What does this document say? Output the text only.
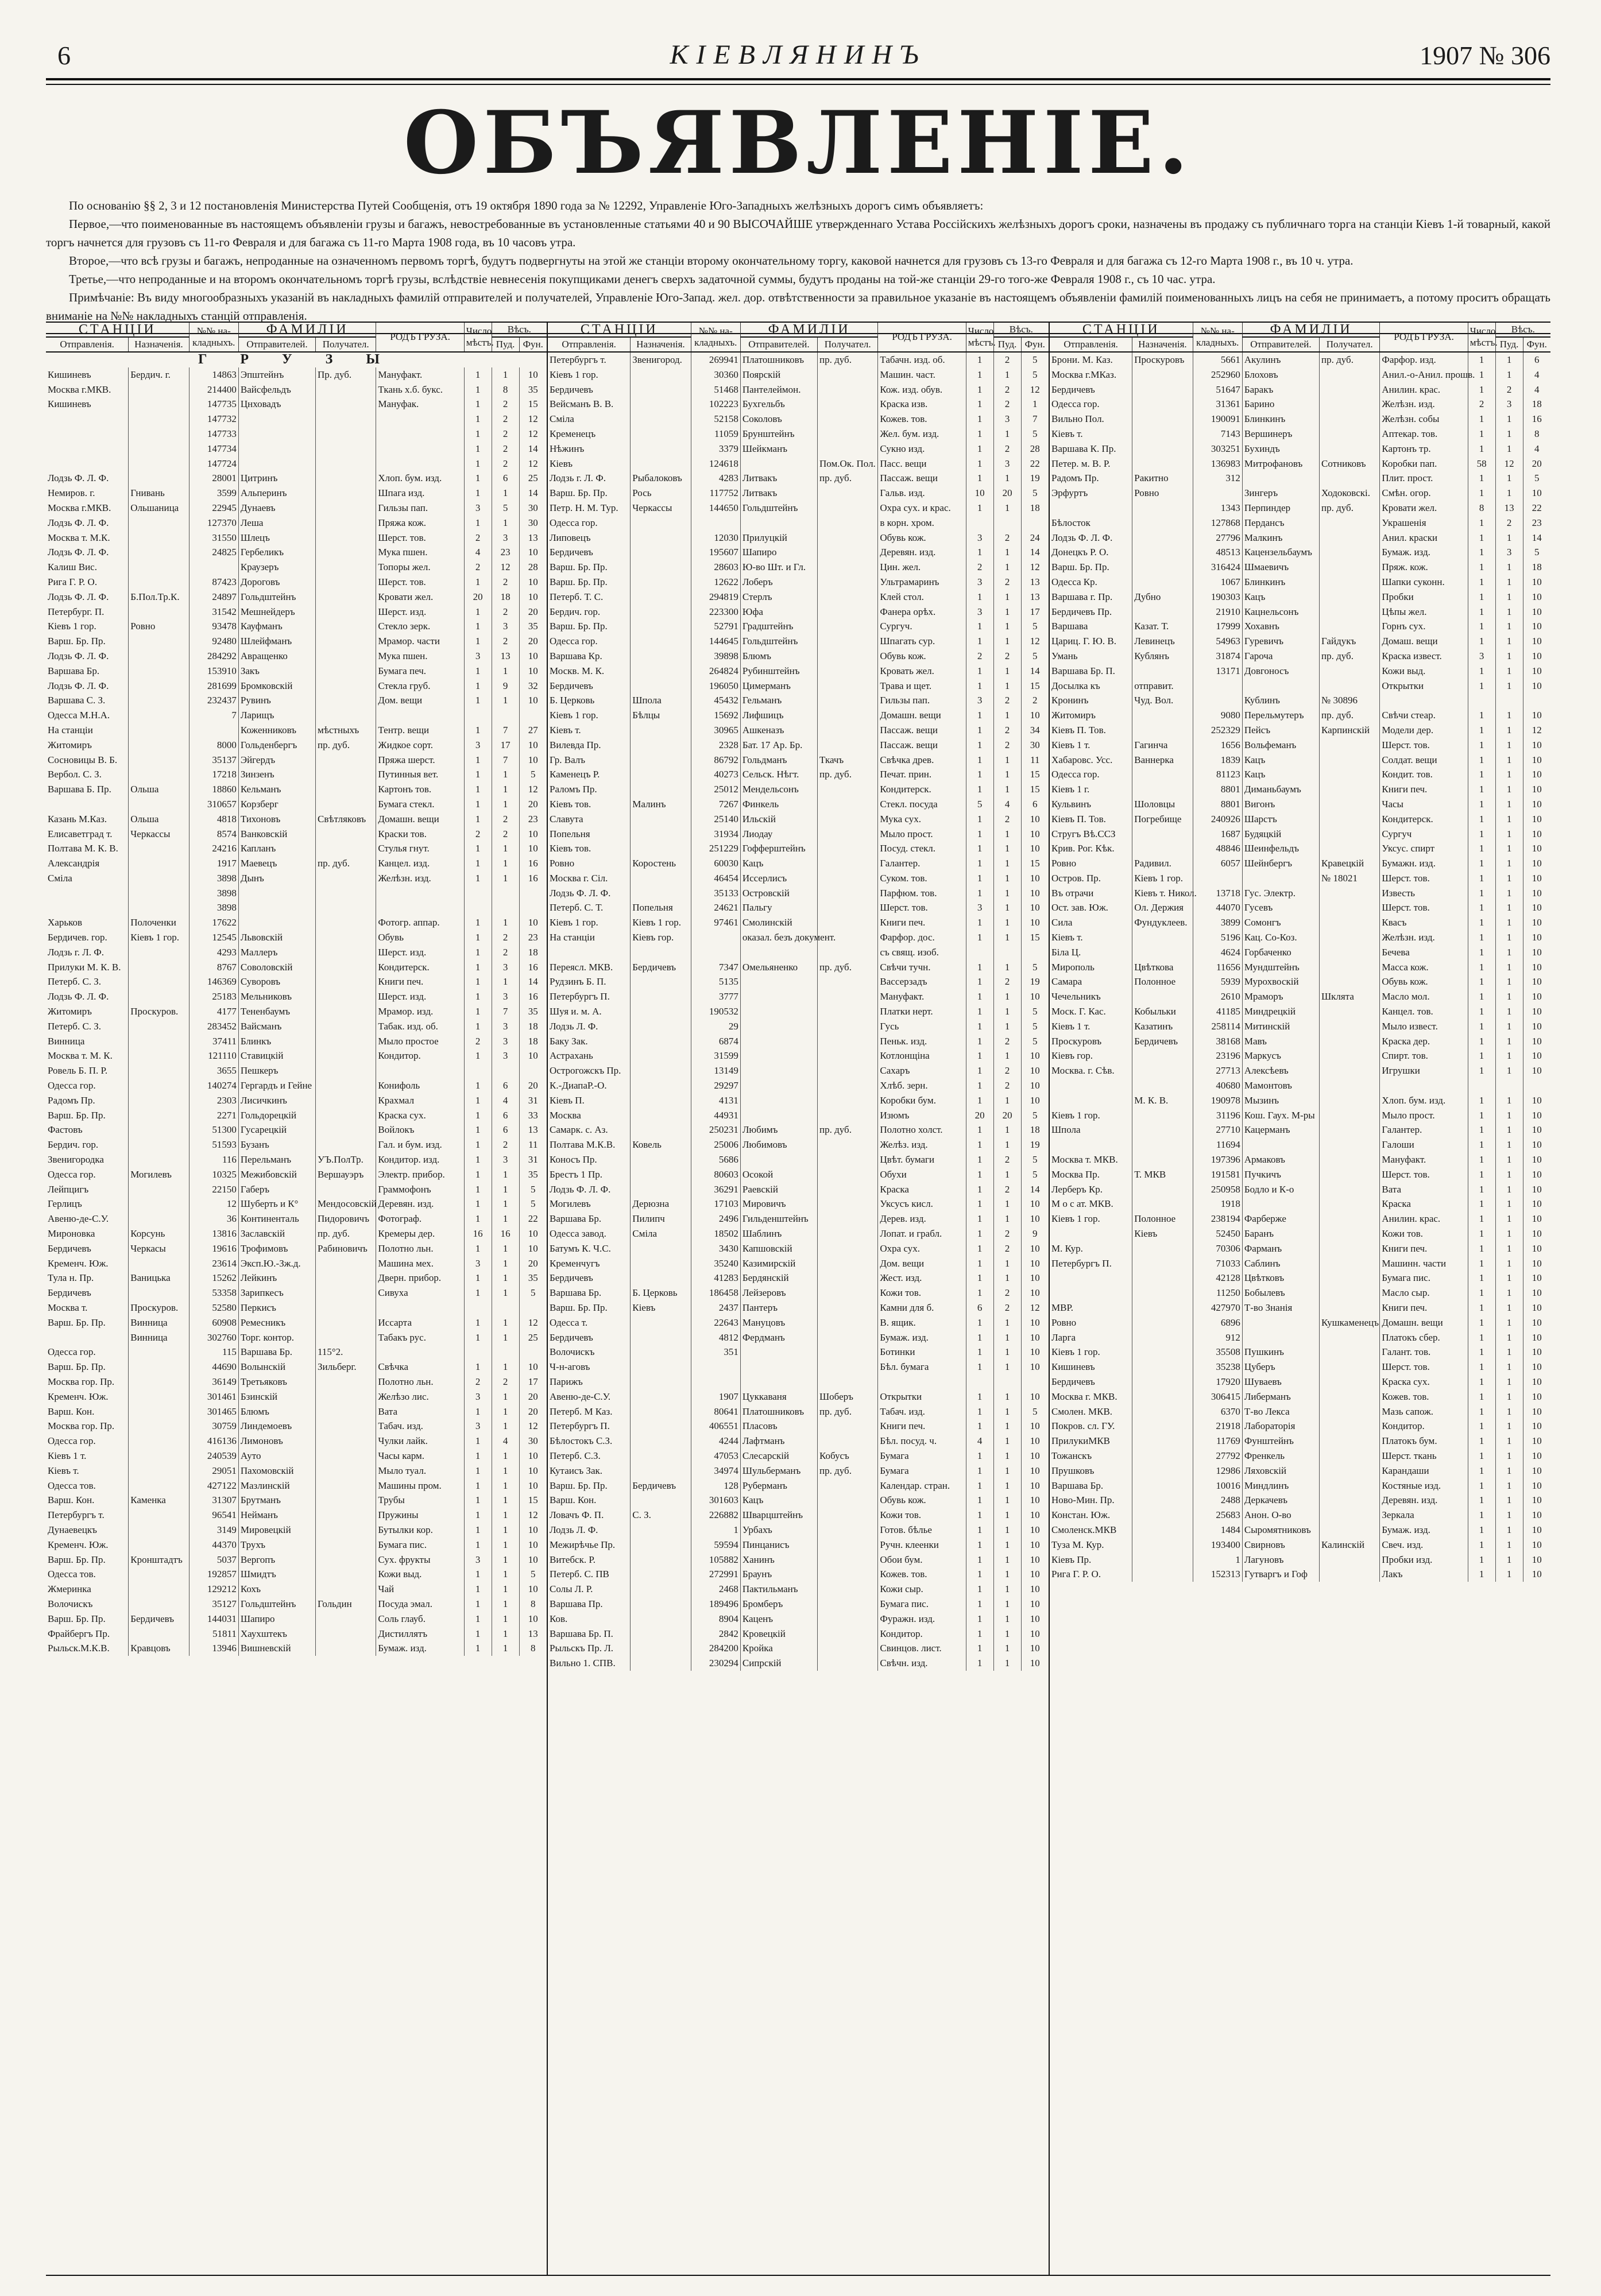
6	КІЕВЛЯНИНЪ	1907 № 306
ОБЪЯВЛЕНІЕ.

По основанію §§ 2, 3 и 12 постановленія Министерства Путей Сообщенія, отъ 19 октября 1890 года за № 12292, Управленіе Юго-Западныхъ желѣзныхъ дорогъ симъ объявляетъ:

Первое,—что поименованные въ настоящемъ объявленіи грузы и багажъ, невостребованные въ установленные статьями 40 и 90 ВЫСОЧАЙШЕ утвержденнаго Устава Россійскихъ желѣзныхъ дорогъ сроки, назначены въ продажу съ публичнаго торга на станціи Кіевъ 1-й товарный, какой торгъ начнется для грузовъ съ 11-го Февраля и для багажа съ 11-го Марта 1908 года, въ 10 часовъ утра.

Второе,—что всѣ грузы и багажъ, непроданные на означенномъ первомъ торгѣ, будутъ подвергнуты на этой же станціи второму окончательному торгу, каковой начнется для грузовъ съ 13-го Февраля и для багажа съ 12-го Марта 1908 г., въ 10 ч. утра.

Третье,—что непроданные и на второмъ окончательномъ торгѣ грузы, вслѣдствіе невнесенія покупщиками денегъ сверхъ задаточной суммы, будутъ проданы на той-же станціи 29-го того-же Февраля 1908 г., съ 10 час. утра.

Примѣчаніе: Въ виду многообразныхъ указаній въ накладныхъ фамилій отправителей и получателей, Управленіе Юго-Запад. жел. дор. отвѣтственности за правильное указаніе въ настоящемъ объявленіи фамилій поименованныхъ лицъ на себя не принимаетъ, а потому проситъ обращать вниманіе на №№ накладныхъ станцій отправленія.

СТАНЦІИ		№№ на-кладныхъ.	ФАМИЛІИ		РОДЪ ГРУЗА.	Число мѣстъ.	Вѣсъ.	
Отправленія.	Назначенія.		Отправителей.	Получател.			Пуд.	Фун.
Г Р У З Ы								
Кишиневъ	Бердич. г.	14863	Эпштейнъ	Пр. дуб.	Мануфакт.	1	1	10
Москва г.МКВ.		214400	Вайсфельдъ		Ткань х.б. букс.	1	8	35
Кишиневъ		147735	Цнховадъ		Мануфак.	1	2	15
		147732				1	2	12
		147733				1	2	12
		147734				1	2	14
		147724				1	2	12
Лодзь Ф. Л. Ф.		28001	Цитринъ		Хлоп. бум. изд.	1	6	25
Немиров. г.	Гнивань	3599	Альперинъ		Шпага изд.	1	1	14
Москва г.МКВ.	Ольшаница	22945	Дунаевъ		Гильзы пап.	3	5	30
Лодзь Ф. Л. Ф.		127370	Леша		Пряжа кож.	1	1	30
Москва т. М.К.		31550	Шлецъ		Шерст. тов.	2	3	13
Лодзь Ф. Л. Ф.		24825	Гербеликъ		Мука пшен.	4	23	10
Калиш Вис.			Краузеръ		Топоры жел.	2	12	28
Рига Г. Р. О.		87423	Дороговъ		Шерст. тов.	1	2	10
Лодзь Ф. Л. Ф.	Б.Пол.Тр.К.	24897	Гольдштейнъ		Кровати жел.	20	18	10
Петербург. П.		31542	Мешнейдеръ		Шерст. изд.	1	2	20
Кіевъ 1 гор.	Ровно	93478	Кауфманъ		Стекло зерк.	1	3	35
Варш. Бр. Пр.		92480	Шлейфманъ		Мрамор. части	1	2	20
Лодзь Ф. Л. Ф.		284292	Авращенко		Мука пшен.	3	13	10
Варшава Бр.		153910	Закъ		Бумага печ.	1	1	10
Лодзь Ф. Л. Ф.		281699	Бромковскій		Стекла груб.	1	9	32
Варшава С. З.		232437	Рувинъ		Дом. вещи	1	1	10
Одесса М.Н.А.		7	Ларищъ					
На станціи			Коженниковъ	мѣстныхъ	Тентр. вещи	1	7	27
Житомиръ		8000	Гольденбергъ	пр. дуб.	Жидкое сорт.	3	17	10
Сосновицы В. Б.		35137	Эйгердъ		Пряжа шерст.	1	7	10
Вербол. С. З.		17218	Зинзенъ		Путинныя вет.	1	1	5
Варшава Б. Пр.	Ольша	18860	Кельманъ		Картонъ тов.	1	1	12
		310657	Корзберг		Бумага стекл.	1	1	20
Казань М.Каз.	Ольша	4818	Тихоновъ	Свѣтляковъ	Домашн. вещи	1	2	23
Елисаветград т.	Черкассы	8574	Ванковскій		Краски тов.	2	2	10
Полтава М. К. В.		24216	Капланъ		Стулья гнут.	1	1	10
Александрія		1917	Маевецъ	пр. дуб.	Канцел. изд.	1	1	16
Сміла		3898	Дынъ		Желѣзн. изд.	1	1	16
		3898						
		3898						
Харьков	Полоченки	17622			Фотогр. аппар.	1	1	10
Бердичев. гор.	Кіевъ 1 гор.	12545	Львовскій		Обувь	1	2	23
Лодзь г. Л. Ф.		4293	Маллеръ		Шерст. изд.	1	2	18
Прилуки М. К. В.		8767	Соволовскій		Кондитерск.	1	3	16
Петерб. С. З.		146369	Суворовъ		Книги печ.	1	1	14
Лодзь Ф. Л. Ф.		25183	Мельниковъ		Шерст. изд.	1	3	16
Житомиръ	Проскуров.	4177	Тененбаумъ		Мрамор. изд.	1	7	35
Петерб. С. З.		283452	Вайсманъ		Табак. изд. об.	1	3	18
Винница		37411	Блинкъ		Мыло простое	2	3	18
Москва т. М. К.		121110	Ставицкій		Кондитор.	1	3	10
Ровель Б. П. Р.		3655	Пешкеръ					
Одесса гор.		140274	Гергардъ и Гейне		Конифоль	1	6	20
Радомъ Пр.		2303	Лисичкинъ		Крахмал	1	4	31
Варш. Бр. Пр.		2271	Гольдорецкій		Краска сух.	1	6	33
Фастовъ		51300	Гусарецкій		Войлокъ	1	6	13
Бердич. гор.		51593	Бузанъ		Гал. и бум. изд.	1	2	11
Звенигородка		116	Перельманъ	УЪ.ПолТр.	Кондитор. изд.	1	3	31
Одесса гор.	Могилевъ	10325	Межибовскій	Вершауэръ	Электр. прибор.	1	1	35
Лейпцигъ		22150	Габеръ		Граммофонъ	1	1	5
Герлицъ		12	Шуберть и К°	Мендосовскій	Деревян. изд.	1	1	5
Авеню-де-С.У.		36	Континенталь	Пидоровичъ	Фотограф.	1	1	22
Мироновка	Корсунь	13816	Заславскій	пр. дуб.	Кремеры дер.	16	16	10
Бердичевъ	Черкасы	19616	Трофимовъ	Рабиновичъ	Полотно льн.	1	1	10
Кременч. Юж.		23614	Эксп.Ю.-Зж.д.		Машина мех.	3	1	20
Тула н. Пр.	Ваницька	15262	Лейкинъ		Дверн. прибор.	1	1	35
Бердичевъ		53358	Зарипкесъ		Сивуха	1	1	5
Москва т.	Проскуров.	52580	Перкисъ					
Варш. Бр. Пр.	Винница	60908	Ремесникъ		Иссарта	1	1	12
	Винница	302760	Торг. контор.		Табакъ рус.	1	1	25
Одесса гор.		115	Варшава Бр.	115°2.				
Варш. Бр. Пр.		44690	Волынскій	Зильберг.	Свѣчка	1	1	10
Москва гор. Пр.		36149	Третьяковъ		Полотно льн.	2	2	17
Кременч. Юж.		301461	Бзинскій		Желѣзо лис.	3	1	20
Варш. Кон.		301465	Блюмъ		Вата	1	1	20
Москва гор. Пр.		30759	Линдемоевъ		Табач. изд.	3	1	12
Одесса гор.		416136	Лимоновъ		Чулки лайк.	1	4	30
Кіевъ 1 т.		240539	Ауто		Часы карм.	1	1	10
Кіевъ т.		29051	Пахомовскій		Мыло туал.	1	1	10
Одесса тов.		427122	Мазлинскій		Машины пром.	1	1	10
Варш. Кон.	Каменка	31307	Брутманъ		Трубы	1	1	15
Петербургъ т.		96541	Нейманъ		Пружины	1	1	12
Дунаевецкъ		3149	Мировецкій		Бутылки кор.	1	1	10
Кременч. Юж.		44370	Трухъ		Бумага пис.	1	1	10
Варш. Бр. Пр.	Кронштадтъ	5037	Вергопъ		Сух. фрукты	3	1	10
Одесса тов.		192857	Шмидтъ		Кожи выд.	1	1	5
Жмеринка		129212	Кохъ		Чай	1	1	10
Волочискъ		35127	Гольдштейнъ	Гольдин	Посуда эмал.	1	1	8
Варш. Бр. Пр.	Бердичевъ	144031	Шапиро		Соль глауб.	1	1	10
Фрайбергъ Пр.		51811	Хаухштекъ		Дистиллятъ	1	1	13
Рыльск.М.К.В.	Кравцовъ	13946	Вишневскій		Бумаж. изд.	1	1	8
СТАНЦІИ		№№ на-кладныхъ.	ФАМИЛІИ		РОДЪ ГРУЗА.	Число мѣстъ.	Вѣсъ.	
Отправленія.	Назначенія.		Отправителей.	Получател.			Пуд.	Фун.
Петербургъ т.	Звенигород.	269941	Платошниковъ	пр. дуб.	Табачн. изд. об.	1	2	5
Кіевъ 1 гор.		30360	Поярскій		Машин. част.	1	1	5
Бердичевъ		51468	Пантелеймон.		Кож. изд. обув.	1	2	12
Вейсманъ В. В.		102223	Бухгельбъ		Краска изв.	1	2	1
Сміла		52158	Соколовъ		Кожев. тов.	1	3	7
Кременецъ		11059	Брунштейнъ		Жел. бум. изд.	1	1	5
Нѣжинъ		3379	Шейкманъ		Сукно изд.	1	2	28
Кіевъ		124618		Пом.Ок. Пол.	Пасс. вещи	1	3	22
Лодзь г. Л. Ф.	Рыбалоковъ	4283	Литвакъ	пр. дуб.	Пассаж. вещи	1	1	19
Варш. Бр. Пр.	Рось	117752	Литвакъ		Гальв. изд.	10	20	5
Петр. Н. М. Тур.	Черкассы	144650	Гольдштейнъ		Охра сух. и крас.	1	1	18
Одесса гор.					в корн. хром.			
Липовецъ		12030	Прилуцкій		Обувь кож.	3	2	24
Бердичевъ		195607	Шапиро		Деревян. изд.	1	1	14
Варш. Бр. Пр.		28603	Ю-во Шт. и Гл.		Цин. жел.	2	1	12
Варш. Бр. Пр.		12622	Лоберъ		Ультрамаринъ	3	2	13
Петерб. Т. С.		294819	Стерлъ		Клей стол.	1	1	13
Бердич. гор.		223300	Юфа		Фанера орѣх.	3	1	17
Варш. Бр. Пр.		52791	Градштейнъ		Сургуч.	1	1	5
Одесса гор.		144645	Гольдштейнъ		Шпагать сур.	1	1	12
Варшава Кр.		39898	Блюмъ		Обувь кож.	2	2	5
Москв. М. К.		264824	Рубинштейнъ		Кровать жел.	1	1	14
Бердичевъ		196050	Цимерманъ		Трава и щет.	1	1	15
Б. Церковь	Шпола	45432	Гельманъ		Гильзы пап.	3	2	2
Кіевъ 1 гор.	Бѣлцы	15692	Лифшицъ		Домашн. вещи	1	1	10
Кіевъ т.		30965	Ашкеназъ		Пассаж. вещи	1	2	34
Вилевда Пр.		2328	Бат. 17 Ар. Бр.		Пассаж. вещи	1	2	30
Гр. Валъ		86792	Гольдманъ	Ткачъ	Свѣчка древ.	1	1	11
Каменецъ Р.		40273	Сельск. Нѣгт.	пр. дуб.	Печат. прин.	1	1	15
Раломъ Пр.		25012	Мендельсонъ		Кондитерск.	1	1	15
Кіевъ тов.	Малинъ	7267	Финкель		Стекл. посуда	5	4	6
Славута		25140	Ильскій		Мука сух.	1	2	10
Попельня		31934	Лиодау		Мыло прост.	1	1	10
Кіевъ тов.		251229	Гофферштейнъ		Посуд. стекл.	1	1	10
Ровно	Коростень	60030	Кацъ		Галантер.	1	1	15
Москва г. Сіл.		46454	Иссерлисъ		Суком. тов.	1	1	10
Лодзь Ф. Л. Ф.		35133	Островскій		Парфюм. тов.	1	1	10
Петерб. С. Т.	Попельня	24621	Пальгу		Шерст. тов.	3	1	10
Кіевъ 1 гор.	Кіевъ 1 гор.	97461	Смолинскій		Книги печ.	1	1	10
На станціи	Кіевъ гор.		оказал. безъ документ.		Фарфор. дос.	1	1	15
					съ свящ. изоб.			
Переясл. МКВ.	Бердичевъ	7347	Омельяненко	пр. дуб.	Свѣчи тучн.	1	1	5
Рудзинъ Б. П.		5135			Вассерзадъ	1	2	19
Петербургъ П.		3777			Мануфакт.	1	1	10
Шуя и. м. А.		190532			Платки нерт.	1	1	5
Лодзь Л. Ф.		29			Гусь	1	1	5
Баку Зак.		6874			Пеньк. изд.	1	2	5
Астрахань		31599			Котлонщіна	1	1	10
Острогожскъ Пр.		13149			Сахаръ	1	2	10
К.-ДиапаР.-О.		29297			Хлѣб. зерн.	1	2	10
Кіевъ П.		4131			Коробки бум.	1	1	10
Москва		44931			Изюмъ	20	20	5
Самарк. с. Аз.		250231	Любимъ	пр. дуб.	Полотно холст.	1	1	18
Полтава М.К.В.	Ковель	25006	Любимовъ		Желѣз. изд.	1	1	19
Коносъ Пр.		5686			Цвѣт. бумаги	1	2	5
Брестъ 1 Пр.		80603	Осокой		Обухи	1	1	5
Лодзь Ф. Л. Ф.		36291	Раевскій		Краска	1	2	14
Могилевъ	Дерюзна	17103	Мировичъ		Уксусъ кисл.	1	1	10
Варшава Бр.	Пилипч	2496	Гильденштейнъ		Дерев. изд.	1	1	10
Одесса завод.	Сміла	18502	Шаблинъ		Лопат. и грабл.	1	2	9
Батумъ К. Ч.С.		3430	Капшовскій		Охра сух.	1	2	10
Кременчугъ		35240	Казимирскій		Дом. вещи	1	1	10
Бердичевъ		41283	Бердянскій		Жест. изд.	1	1	10
Варшава Бр.	Б. Церковь	186458	Лейзеровъ		Кожи тов.	1	2	10
Варш. Бр. Пр.	Кіевъ	2437	Пантеръ		Камни для б.	6	2	12
Одесса т.		22643	Мануцовъ		В. ящик.	1	1	10
Бердичевъ		4812	Фердманъ		Бумаж. изд.	1	1	10
Волочискъ		351			Ботинки	1	1	10
Ч-н-аговъ					Бѣл. бумага	1	1	10
Парижъ								
Авеню-де-С.У.		1907	Цуккаваня	Шоберъ	Открытки	1	1	10
Петерб. М Каз.		80641	Платошниковъ	пр. дуб.	Табач. изд.	1	1	5
Петербургъ П.		406551	Пласовъ		Книги печ.	1	1	10
Бѣлостокъ С.З.		4244	Лафтманъ		Бѣл. посуд. ч.	4	1	10
Петерб. С.З.		47053	Слесарскій	Кобусъ	Бумага	1	1	10
Кутаисъ Зак.		34974	Шульберманъ	пр. дуб.	Бумага	1	1	10
Варш. Бр. Пр.	Бердичевъ	128	Руберманъ		Календар. стран.	1	1	10
Варш. Кон.		301603	Кацъ		Обувь кож.	1	1	10
Ловачъ Ф. П.	С. З.	226882	Шварцштейнъ		Кожи тов.	1	1	10
Лодзь Л. Ф.		1	Урбахъ		Готов. бѣлье	1	1	10
Межирѣчье Пр.		59594	Пинцанисъ		Ручн. клеенки	1	1	10
Витебск. Р.		105882	Ханинъ		Обои бум.	1	1	10
Петерб. С. ПВ		272991	Браунъ		Кожев. тов.	1	1	10
Солы Л. Р.		2468	Пактильманъ		Кожи сыр.	1	1	10
Варшава Пр.		189496	Бромберъ		Бумага пис.	1	1	10
Ков.		8904	Каценъ		Фуражн. изд.	1	1	10
Варшава Бр. П.		2842	Кровецкій		Кондитор.	1	1	10
Рыльскъ Пр. Л.		284200	Кройка		Свинцов. лист.	1	1	10
Вильно 1. СПВ.		230294	Сипрскій		Свѣчн. изд.	1	1	10
СТАНЦІИ		№№ на-кладныхъ.	ФАМИЛІИ		РОДЪ ГРУЗА.	Число мѣстъ.	Вѣсъ.	
Отправленія.	Назначенія.		Отправителей.	Получател.			Пуд.	Фун.
Брони. М. Каз.	Проскуровъ	5661	Акулинъ	пр. дуб.	Фарфор. изд.	1	1	6
Москва г.МКаз.		252960	Блоховъ		Анил.-о-Анил. прошв.	1	1	4
Бердичевъ		51647	Баракъ		Анилин. крас.	1	2	4
Одесса гор.		31361	Барино		Желѣзн. изд.	2	3	18
Вильно Пол.		190091	Блинкинъ		Желѣзн. собы	1	1	16
Кіевъ т.		7143	Вершинеръ		Аптекар. тов.	1	1	8
Варшава К. Пр.		303251	Бухиндъ		Картонъ тр.	1	1	4
Петер. м. В. Р.		136983	Митрофановъ	Сотниковъ	Коробки пап.	58	12	20
Радомъ Пр.	Ракитно	312			Плит. прост.	1	1	5
Эрфуртъ	Ровно		Зингеръ	Ходоковскі.	Смѣн. огор.	1	1	10
		1343	Перпиндер	пр. дуб.	Кровати жел.	8	13	22
Бѣлосток		127868	Пердансъ		Украшенія	1	2	23
Лодзь Ф. Л. Ф.		27796	Малкинъ		Анил. краски	1	1	14
Донецкъ Р. О.		48513	Кацензельбаумъ		Бумаж. изд.	1	3	5
Варш. Бр. Пр.		316424	Шмаевичъ		Пряж. кож.	1	1	18
Одесса Кр.		1067	Блинкинъ		Шапки суконн.	1	1	10
Варшава г. Пр.	Дубно	190303	Кацъ		Пробки	1	1	10
Бердичевъ Пр.		21910	Кацнельсонъ		Цѣпы жел.	1	1	10
Варшава	Казат. Т.	17999	Хохавнъ		Горнъ сух.	1	1	10
Цариц. Г. Ю. В.	Левинецъ	54963	Гуревичъ	Гайдукъ	Домаш. вещи	1	1	10
Умань	Кублянъ	31874	Гароча	пр. дуб.	Краска извест.	3	1	10
Варшава Бр. П.		13171	Довгоносъ		Кожи выд.	1	1	10
Досылка къ	отправит.				Открытки	1	1	10
Кронинъ	Чуд. Вол.		Кублинъ	№ 30896				
Житомиръ		9080	Перельмутеръ	пр. дуб.	Свѣчи стеар.	1	1	10
Кіевъ П. Тов.		252329	Пейсъ	Карпинскій	Модели дер.	1	1	12
Кіевъ 1 т.	Гагинча	1656	Вольфеманъ		Шерст. тов.	1	1	10
Хабаровс. Усс.	Ваннерка	1839	Кацъ		Солдат. вещи	1	1	10
Одесса гор.		81123	Кацъ		Кондит. тов.	1	1	10
Кіевъ 1 г.		8801	Диманьбаумъ		Книги печ.	1	1	10
Кульвинъ	Шоловцы	8801	Вигонъ		Часы	1	1	10
Кіевъ П. Тов.	Погребище	240926	Шарстъ		Кондитерск.	1	1	10
Стругъ Вѣ.ССЗ		1687	Будяцкій		Сургуч	1	1	10
Крив. Рог. Кѣк.		48846	Шеинфельдъ		Уксус. спирт	1	1	10
Ровно	Радивил.	6057	Шейнбергъ	Кравецкій	Бумажн. изд.	1	1	10
Остров. Пр.	Кіевъ 1 гор.			№ 18021	Шерст. тов.	1	1	10
Въ отрачи	Кіевъ т. Никол.	13718	Гус. Электр.		Известь	1	1	10
Ост. зав. Юж.	Ол. Держия	44070	Гусевъ		Шерст. тов.	1	1	10
Сила	Фундуклеев.	3899	Сомонгъ		Квасъ	1	1	10
Кіевъ т.		5196	Кац. Со-Коз.		Желѣзн. изд.	1	1	10
Біла Ц.		4624	Горбаченко		Бечева	1	1	10
Мирополь	Цвѣткова	11656	Мундштейнъ		Масса кож.	1	1	10
Самара	Полонное	5939	Мурохвоскій		Обувь кож.	1	1	10
Чечельникъ		2610	Мраморъ	Шклята	Масло мол.	1	1	10
Моск. Г. Кас.	Кобыльки	41185	Миндрецкій		Канцел. тов.	1	1	10
Кіевъ 1 т.	Казатинъ	258114	Митинскій		Мыло извест.	1	1	10
Проскуровъ	Бердичевъ	38168	Мавъ		Краска дер.	1	1	10
Кіевъ гор.		23196	Маркусъ		Спирт. тов.	1	1	10
Москва. г. Сѣв.		27713	Алексѣевъ		Игрушки	1	1	10
		40680	Мамонтовъ					
	М. К. В.	190978	Мызинъ		Хлоп. бум. изд.	1	1	10
Кіевъ 1 гор.		31196	Кош. Гаух. М-ры		Мыло прост.	1	1	10
Шпола		27710	Кацерманъ		Галантер.	1	1	10
		11694			Галоши	1	1	10
Москва т. МКВ.		197396	Армаковъ		Мануфакт.	1	1	10
Москва Пр.	Т. МКВ	191581	Пучкичъ		Шерст. тов.	1	1	10
Лерберъ Кр.		250958	Бодло и К-о		Вата	1	1	10
М о с ат. МКВ.		1918			Краска	1	1	10
Кіевъ 1 гор.	Полонное	238194	Фарберже		Анилин. крас.	1	1	10
	Кіевъ	52450	Баранъ		Кожи тов.	1	1	10
М. Кур.		70306	Фарманъ		Книги печ.	1	1	10
Петербургъ П.		71033	Саблинъ		Машинн. части	1	1	10
		42128	Цвѣтковъ		Бумага пис.	1	1	10
		11250	Бобылевъ		Масло сыр.	1	1	10
МВР.		427970	Т-во Знанія		Книги печ.	1	1	10
Ровно		6896		Кушкаменецъ	Домашн. вещи	1	1	10
Ларга		912			Платокъ сбер.	1	1	10
Кіевъ 1 гор.		35508	Пушкинъ		Галант. тов.	1	1	10
Кишиневъ		35238	Цуберъ		Шерст. тов.	1	1	10
Бердичевъ		17920	Шуваевъ		Краска сух.	1	1	10
Москва г. МКВ.		306415	Либерманъ		Кожев. тов.	1	1	10
Смолен. МКВ.		6370	Т-во Лекса		Мазь сапож.	1	1	10
Покров. сл. ГУ.		21918	Лабораторія		Кондитор.	1	1	10
ПрилукиМКВ		11769	Фунштейнъ		Платокъ бум.	1	1	10
Тожанскъ		27792	Френкель		Шерст. ткань	1	1	10
Прушковъ		12986	Ляховскій		Карандаши	1	1	10
Варшава Бр.		10016	Миндлинъ		Костяные изд.	1	1	10
Ново-Мин. Пр.		2488	Деркачевъ		Деревян. изд.	1	1	10
Констан. Юж.		25683	Анон. О-во		Зеркала	1	1	10
Смоленск.МКВ		1484	Сыромятниковъ		Бумаж. изд.	1	1	10
Туза М. Кур.		193400	Свирновъ	Калинскій	Свеч. изд.	1	1	10
Кіевъ Пр.		1	Лагуновъ		Пробки изд.	1	1	10
Рига Г. Р. О.		152313	Гутваргъ и Гоф		Лакъ	1	1	10
